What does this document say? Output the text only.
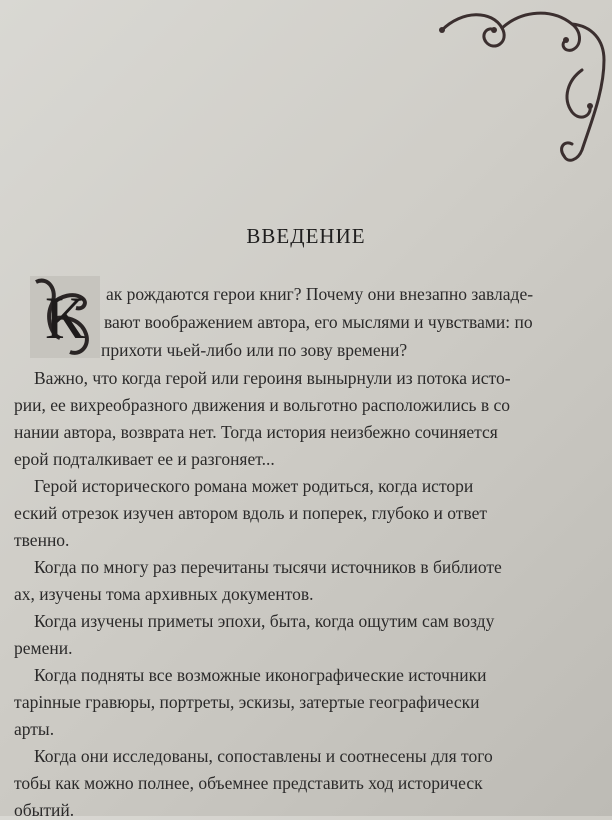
ВВЕДЕНИЕ
К ак рождаются герои книг? Почему они внезапно завладе-
вают воображением автора, его мыслями и чувствами: по
прихоти чьей-либо или по зову времени?
Важно, что когда герой или героиня вынырнули из потока исто-
рии, ее вихреобразного движения и вольготно расположились в со
нании автора, возврата нет. Тогда история неизбежно сочиняется
ерой подталкивает ее и разгоняет...
Герой исторического романа может родиться, когда истори
еский отрезок изучен автором вдоль и поперек, глубоко и ответ
твенно.
Когда по многу раз перечитаны тысячи источников в библиоте
ах, изучены тома архивных документов.
Когда изучены приметы эпохи, быта, когда ощутим сам возду
ремени.
Когда подняты все возможные иконографические источники
тарinные гравюры, портреты, эскизы, затертые географически
арты.
Когда они исследованы, сопоставлены и соотнесены для того
тобы как можно полнее, объемнее представить ход историческ
обытий.
